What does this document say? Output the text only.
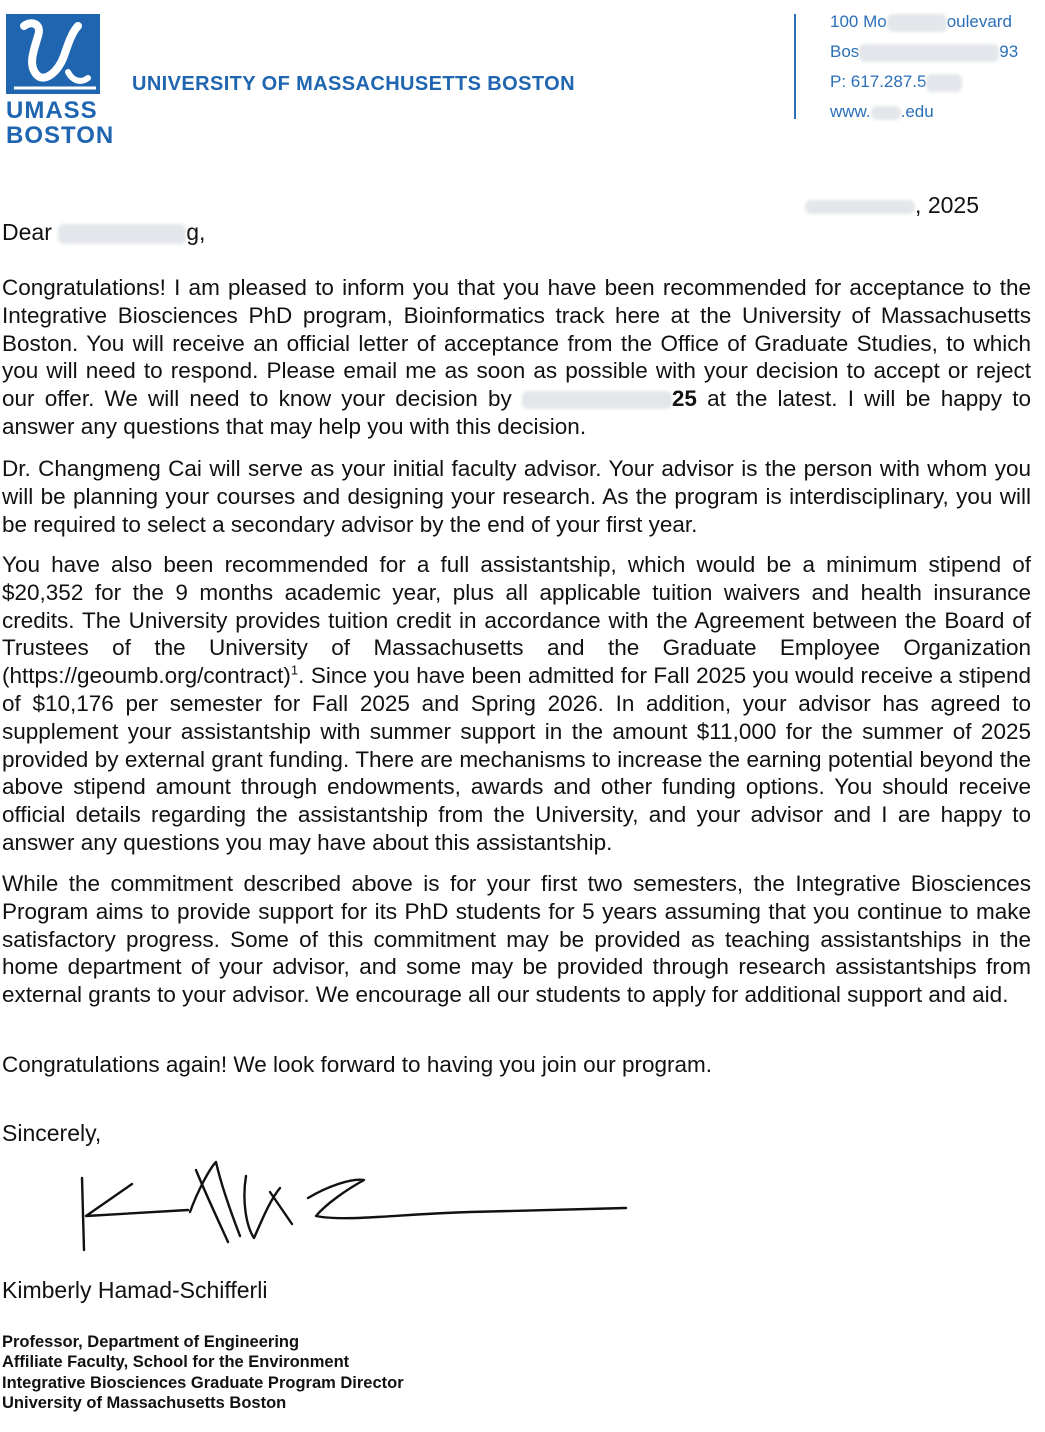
UMASS
BOSTON
UNIVERSITY OF MASSACHUSETTS BOSTON
100 Mo	oulevard
Bos	93
P: 617.287.5
www. .edu
, 2025
Dear	g,

Congratulations! I am pleased to inform you that you have been recommended for acceptance to the Integrative Biosciences PhD program, Bioinformatics track here at the University of Massachusetts Boston. You will receive an official letter of acceptance from the Office of Graduate Studies, to which you will need to respond. Please email me as soon as possible with your decision to accept or reject our offer. We will need to know your decision by	25 at the latest. I will be happy to answer any questions that may help you with this decision.

Dr. Changmeng Cai will serve as your initial faculty advisor. Your advisor is the person with whom you will be planning your courses and designing your research. As the program is interdisciplinary, you will be required to select a secondary advisor by the end of your first year.

You have also been recommended for a full assistantship, which would be a minimum stipend of $20,352 for the 9 months academic year, plus all applicable tuition waivers and health insurance credits. The University provides tuition credit in accordance with the Agreement between the Board of Trustees of the University of Massachusetts and the Graduate Employee Organization (https://geoumb.org/contract)$^1$. Since you have been admitted for Fall 2025 you would receive a stipend of $10,176 per semester for Fall 2025 and Spring 2026. In addition, your advisor has agreed to supplement your assistantship with summer support in the amount $11,000 for the summer of 2025 provided by external grant funding. There are mechanisms to increase the earning potential beyond the above stipend amount through endowments, awards and other funding options. You should receive official details regarding the assistantship from the University, and your advisor and I are happy to answer any questions you may have about this assistantship.

While the commitment described above is for your first two semesters, the Integrative Biosciences Program aims to provide support for its PhD students for 5 years assuming that you continue to make satisfactory progress. Some of this commitment may be provided as teaching assistantships in the home department of your advisor, and some may be provided through research assistantships from external grants to your advisor. We encourage all our students to apply for additional support and aid.

Congratulations again! We look forward to having you join our program.

Sincerely,
Kimberly Hamad-Schifferli
Professor, Department of Engineering
Affiliate Faculty, School for the Environment
Integrative Biosciences Graduate Program Director
University of Massachusetts Boston
